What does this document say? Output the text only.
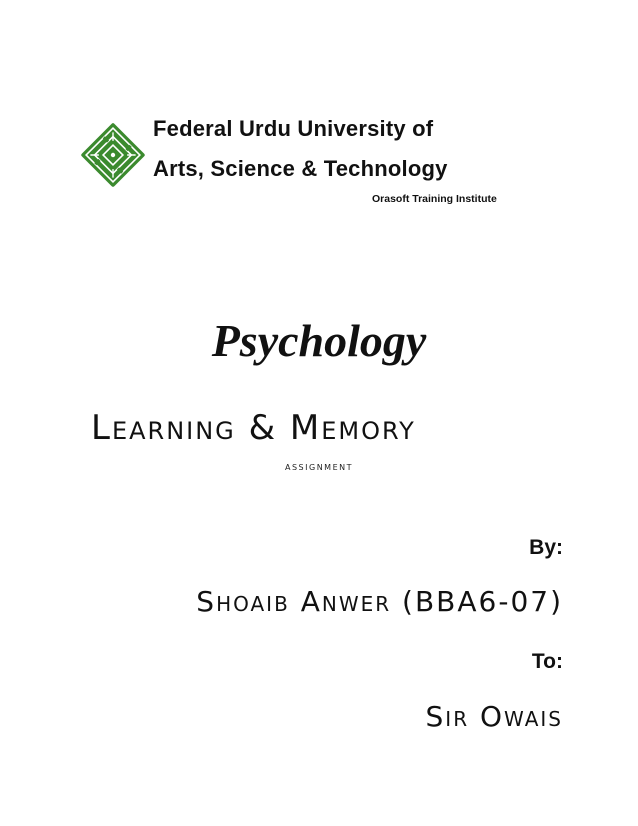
Federal Urdu University of
Arts, Science & Technology
Orasoft Training Institute
Psychology
Learning & Memory
assignment
By:
Shoaib Anwer (BBA6-07)
To:
Sir Owais
